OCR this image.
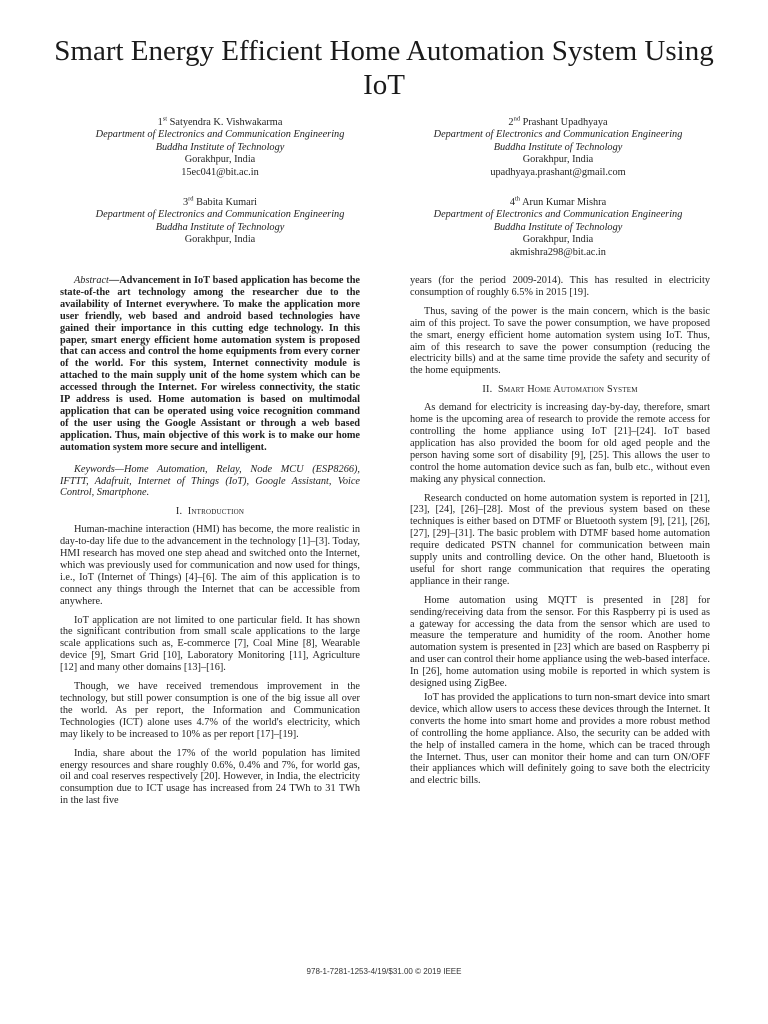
Smart Energy Efficient Home Automation System Using IoT
1st Satyendra K. Vishwakarma
Department of Electronics and Communication Engineering
Buddha Institute of Technology
Gorakhpur, India
15ec041@bit.ac.in
2nd Prashant Upadhyaya
Department of Electronics and Communication Engineering
Buddha Institute of Technology
Gorakhpur, India
upadhyaya.prashant@gmail.com
3rd Babita Kumari
Department of Electronics and Communication Engineering
Buddha Institute of Technology
Gorakhpur, India
4th Arun Kumar Mishra
Department of Electronics and Communication Engineering
Buddha Institute of Technology
Gorakhpur, India
akmishra298@bit.ac.in

Abstract—Advancement in IoT based application has become the state-of-the art technology among the researcher due to the availability of Internet everywhere. To make the application more user friendly, web based and android based technologies have gained their importance in this cutting edge technology. In this paper, smart energy efficient home automation system is proposed that can access and control the home equipments from every corner of the world. For this system, Internet connectivity module is attached to the main supply unit of the home system which can be accessed through the Internet. For wireless connectivity, the static IP address is used. Home automation is based on multimodal application that can be operated using voice recognition command of the user using the Google Assistant or through a web based application. Thus, main objective of this work is to make our home automation system more secure and intelligent.

Keywords—Home Automation, Relay, Node MCU (ESP8266), IFTTT, Adafruit, Internet of Things (IoT), Google Assistant, Voice Control, Smartphone.

I. Introduction

Human-machine interaction (HMI) has become, the more realistic in day-to-day life due to the advancement in the technology [1]–[3]. Today, HMI research has moved one step ahead and switched onto the Internet, which was previously used for communication and now used for things, i.e., IoT (Internet of Things) [4]–[6]. The aim of this application is to connect any things through the Internet that can be accessible from anywhere.

IoT application are not limited to one particular field. It has shown the significant contribution from small scale applications to the large scale applications such as, E-commerce [7], Coal Mine [8], Wearable device [9], Smart Grid [10], Laboratory Monitoring [11], Agriculture [12] and many other domains [13]–[16].

Though, we have received tremendous improvement in the technology, but still power consumption is one of the big issue all over the world. As per report, the Information and Communication Technologies (ICT) alone uses 4.7% of the world's electricity, which may likely to be increased to 10% as per report [17]–[19].

India, share about the 17% of the world population has limited energy resources and share roughly 0.6%, 0.4% and 7%, for world gas, oil and coal reserves respectively [20]. However, in India, the electricity consumption due to ICT usage has increased from 24 TWh to 31 TWh in the last five

years (for the period 2009-2014). This has resulted in electricity consumption of roughly 6.5% in 2015 [19].

Thus, saving of the power is the main concern, which is the basic aim of this project. To save the power consumption, we have proposed the smart, energy efficient home automation system using IoT. Thus, aim of this research to save the power consumption (reducing the electricity bills) and at the same time provide the safety and security of the home equipments.

II. Smart Home Automation System

As demand for electricity is increasing day-by-day, therefore, smart home is the upcoming area of research to provide the remote access for controlling the home appliance using IoT [21]–[24]. IoT based application has also provided the boom for old aged people and the person having some sort of disability [9], [25]. This allows the user to control the home automation device such as fan, bulb etc., without even making any physical connection.

Research conducted on home automation system is reported in [21], [23], [24], [26]–[28]. Most of the previous system based on these techniques is either based on DTMF or Bluetooth system [9], [21], [26], [27], [29]–[31]. The basic problem with DTMF based home automation require dedicated PSTN channel for communication between main supply units and controlling device. On the other hand, Bluetooth is useful for short range communication that requires the operating appliance in their range.

Home automation using MQTT is presented in [28] for sending/receiving data from the sensor. For this Raspberry pi is used as a gateway for accessing the data from the sensor which are used to measure the temperature and humidity of the room. Another home automation system is presented in [23] which are based on Raspberry pi and user can control their home appliance using the web-based interface. In [26], home automation using mobile is reported in which system is designed using ZigBee.

IoT has provided the applications to turn non-smart device into smart device, which allow users to access these devices through the Internet. It converts the home into smart home and provides a more robust method of controlling the home appliance. Also, the security can be added with the help of installed camera in the home, which can be traced through the Internet. Thus, user can monitor their home and can turn ON/OFF their appliances which will definitely going to save both the electricity and electric bills.

978-1-7281-1253-4/19/$31.00 © 2019 IEEE
